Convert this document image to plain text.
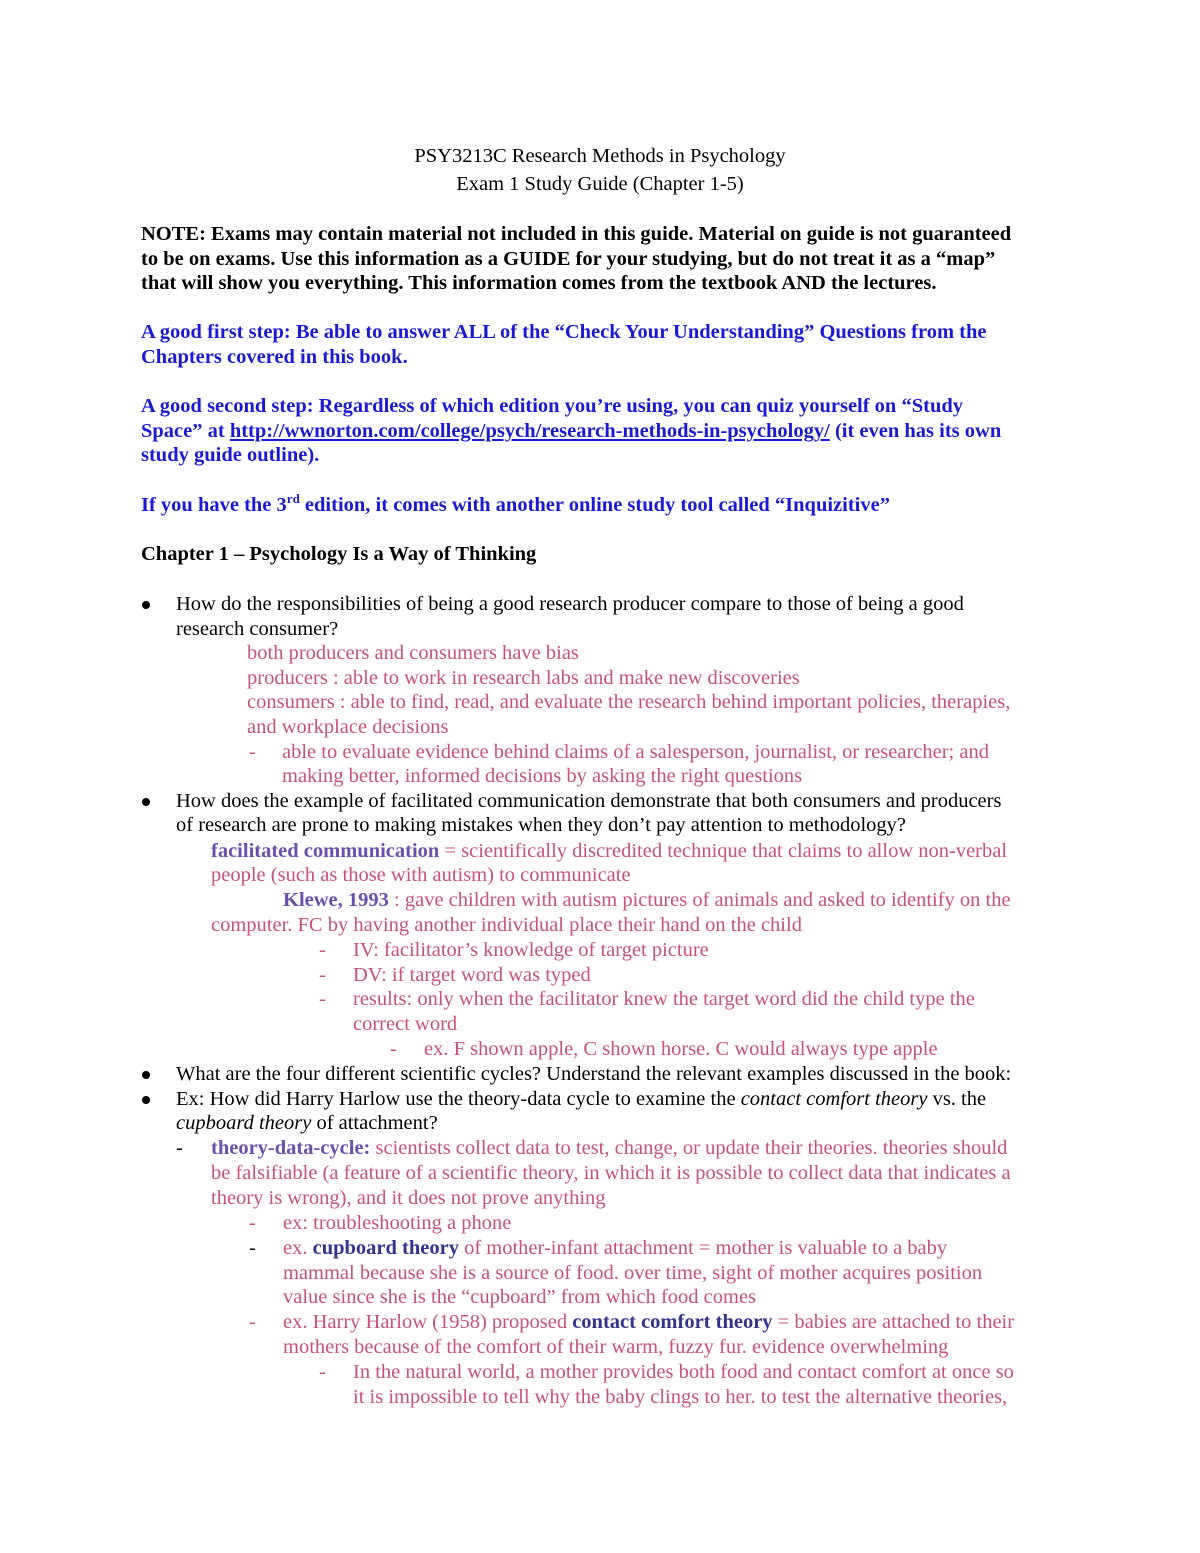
PSY3213C Research Methods in Psychology
Exam 1 Study Guide (Chapter 1-5)
NOTE: Exams may contain material not included in this guide. Material on guide is not guaranteed
to be on exams. Use this information as a GUIDE for your studying, but do not treat it as a “map”
that will show you everything. This information comes from the textbook AND the lectures.
A good first step: Be able to answer ALL of the “Check Your Understanding” Questions from the
Chapters covered in this book.
A good second step: Regardless of which edition you’re using, you can quiz yourself on “Study
Space” at http://wwnorton.com/college/psych/research-methods-in-psychology/ (it even has its own
study guide outline).
If you have the 3rd edition, it comes with another online study tool called “Inquizitive”
Chapter 1 – Psychology Is a Way of Thinking
How do the responsibilities of being a good research producer compare to those of being a good
research consumer?
both producers and consumers have bias
producers : able to work in research labs and make new discoveries
consumers : able to find, read, and evaluate the research behind important policies, therapies,
and workplace decisions
- able to evaluate evidence behind claims of a salesperson, journalist, or researcher; and
making better, informed decisions by asking the right questions
How does the example of facilitated communication demonstrate that both consumers and producers
of research are prone to making mistakes when they don’t pay attention to methodology?
facilitated communication = scientifically discredited technique that claims to allow non-verbal
people (such as those with autism) to communicate
Klewe, 1993 : gave children with autism pictures of animals and asked to identify on the
computer. FC by having another individual place their hand on the child
- IV: facilitator’s knowledge of target picture
- DV: if target word was typed
- results: only when the facilitator knew the target word did the child type the
correct word
- ex. F shown apple, C shown horse. C would always type apple
What are the four different scientific cycles? Understand the relevant examples discussed in the book:
Ex: How did Harry Harlow use the theory-data cycle to examine the contact comfort theory vs. the
cupboard theory of attachment?
- theory-data-cycle: scientists collect data to test, change, or update their theories. theories should
be falsifiable (a feature of a scientific theory, in which it is possible to collect data that indicates a
theory is wrong), and it does not prove anything
- ex: troubleshooting a phone
- ex. cupboard theory of mother-infant attachment = mother is valuable to a baby
mammal because she is a source of food. over time, sight of mother acquires position
value since she is the “cupboard” from which food comes
- ex. Harry Harlow (1958) proposed contact comfort theory = babies are attached to their
mothers because of the comfort of their warm, fuzzy fur. evidence overwhelming
- In the natural world, a mother provides both food and contact comfort at once so
it is impossible to tell why the baby clings to her. to test the alternative theories,
